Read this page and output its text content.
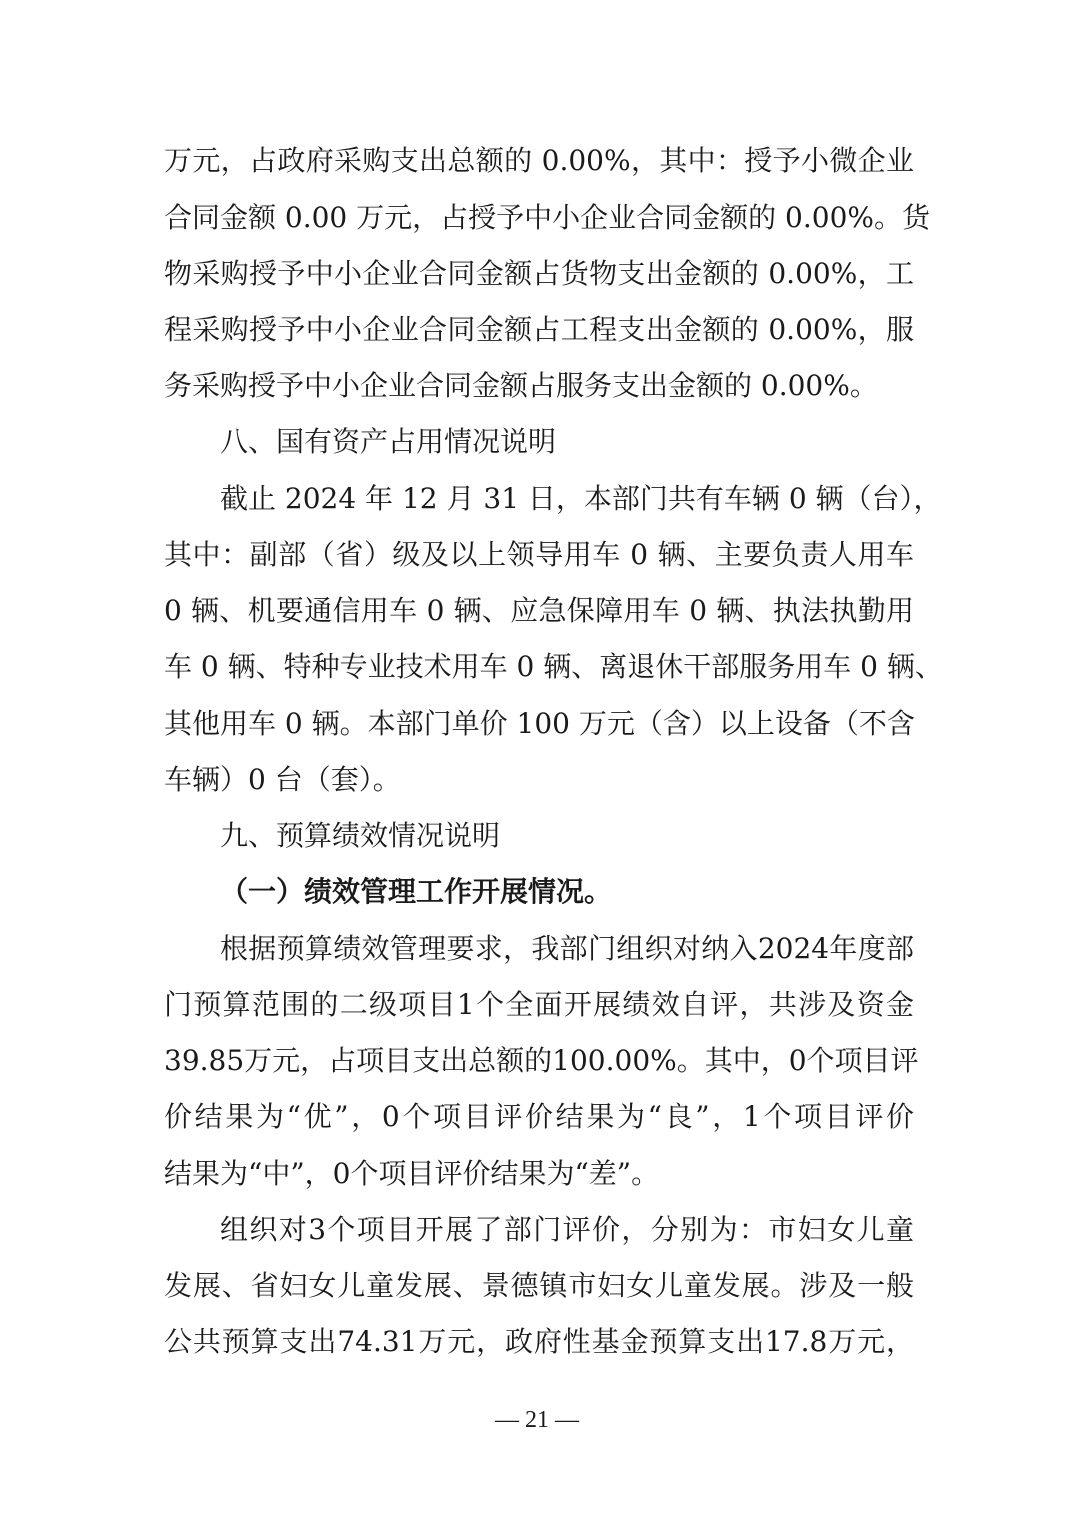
万元，占政府采购支出总额的 0.00%，其中：授予小微企业
合同金额 0.00 万元，占授予中小企业合同金额的 0.00%。货
物采购授予中小企业合同金额占货物支出金额的 0.00%，工
程采购授予中小企业合同金额占工程支出金额的 0.00%，服
务采购授予中小企业合同金额占服务支出金额的 0.00%。
八、国有资产占用情况说明
截止 2024 年 12 月 31 日，本部门共有车辆 0 辆（台），
其中：副部（省）级及以上领导用车 0 辆、主要负责人用车
0 辆、机要通信用车 0 辆、应急保障用车 0 辆、执法执勤用
车 0 辆、特种专业技术用车 0 辆、离退休干部服务用车 0 辆、
其他用车 0 辆。本部门单价 100 万元（含）以上设备（不含
车辆）0 台（套）。
九、预算绩效情况说明
（一）绩效管理工作开展情况。
根据预算绩效管理要求，我部门组织对纳入2024年度部
门预算范围的二级项目1个全面开展绩效自评，共涉及资金
39.85万元，占项目支出总额的100.00%。其中，0个项目评
价结果为“优”，0个项目评价结果为“良”，1个项目评价
结果为“中”，0个项目评价结果为“差”。
组织对3个项目开展了部门评价，分别为：市妇女儿童
发展、省妇女儿童发展、景德镇市妇女儿童发展。涉及一般
公共预算支出74.31万元，政府性基金预算支出17.8万元，
— 21 —
